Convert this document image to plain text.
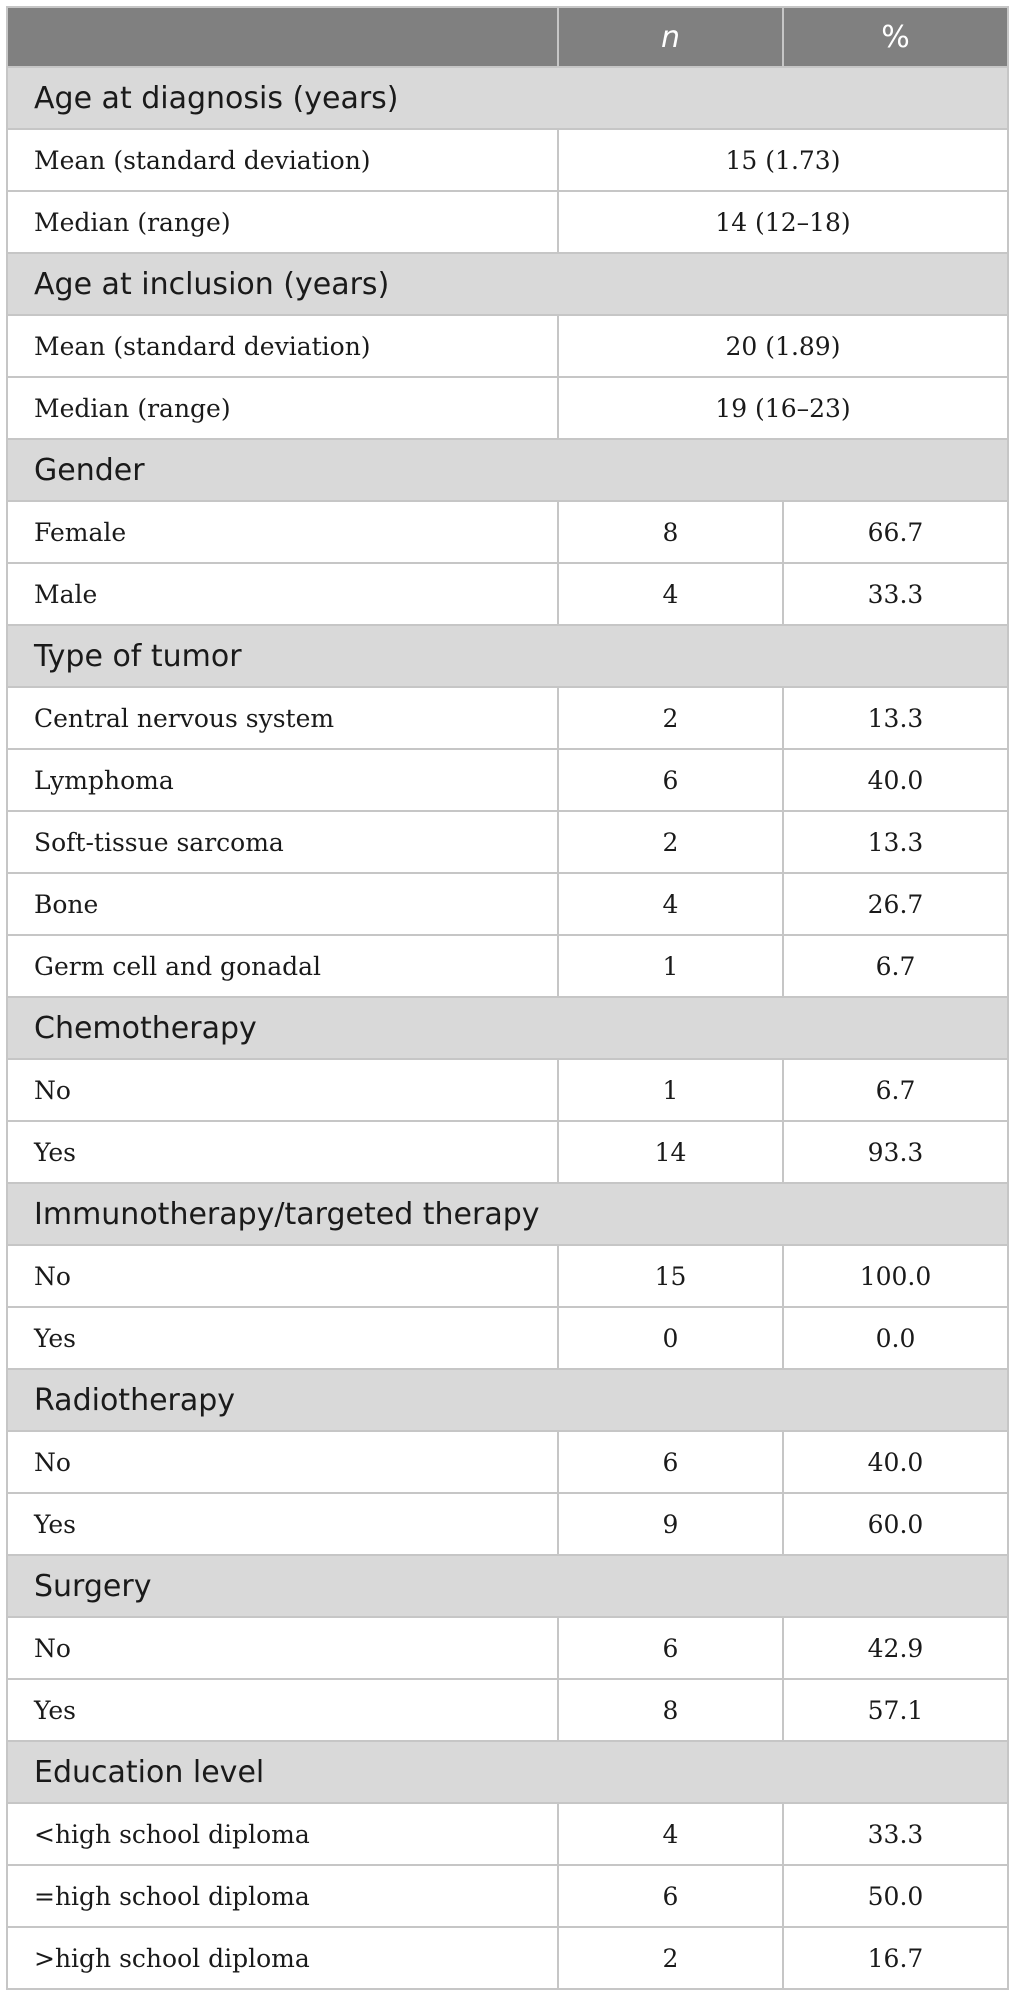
	n	%
Age at diagnosis (years)		
Mean (standard deviation)	15 (1.73)	
Median (range)	14 (12–18)	
Age at inclusion (years)		
Mean (standard deviation)	20 (1.89)	
Median (range)	19 (16–23)	
Gender		
Female	8	66.7
Male	4	33.3
Type of tumor		
Central nervous system	2	13.3
Lymphoma	6	40.0
Soft-tissue sarcoma	2	13.3
Bone	4	26.7
Germ cell and gonadal	1	6.7
Chemotherapy		
No	1	6.7
Yes	14	93.3
Immunotherapy/targeted therapy		
No	15	100.0
Yes	0	0.0
Radiotherapy		
No	6	40.0
Yes	9	60.0
Surgery		
No	6	42.9
Yes	8	57.1
Education level		
<high school diploma	4	33.3
=high school diploma	6	50.0
>high school diploma	2	16.7
